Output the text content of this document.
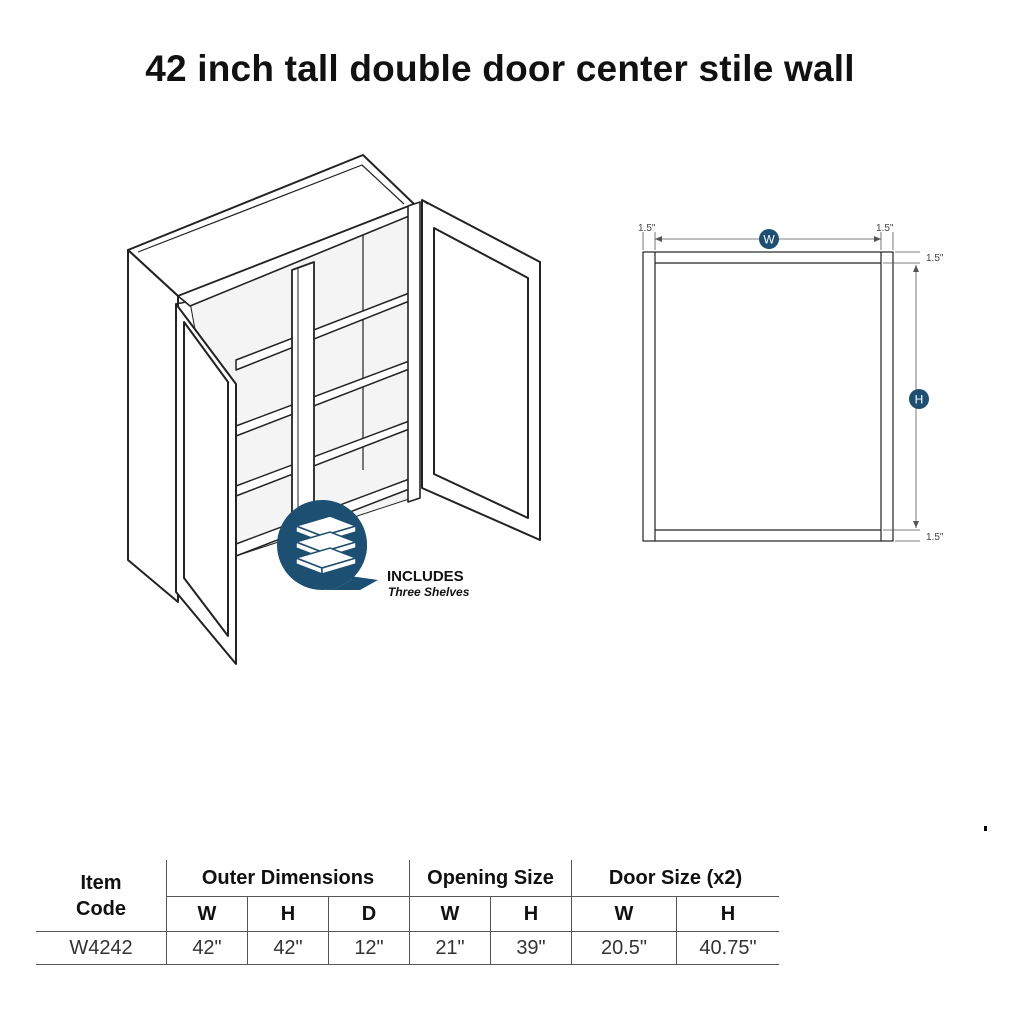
42 inch tall double door center stile wall
INCLUDES
Three Shelves
1.5"	1.5"
1.5"
1.5"
W
H
Item Code	Outer Dimensions			Opening Size		Door Size (x2)	
	W	H	D	W	H	W	H
W4242	42"	42"	12"	21"	39"	20.5"	40.75"
